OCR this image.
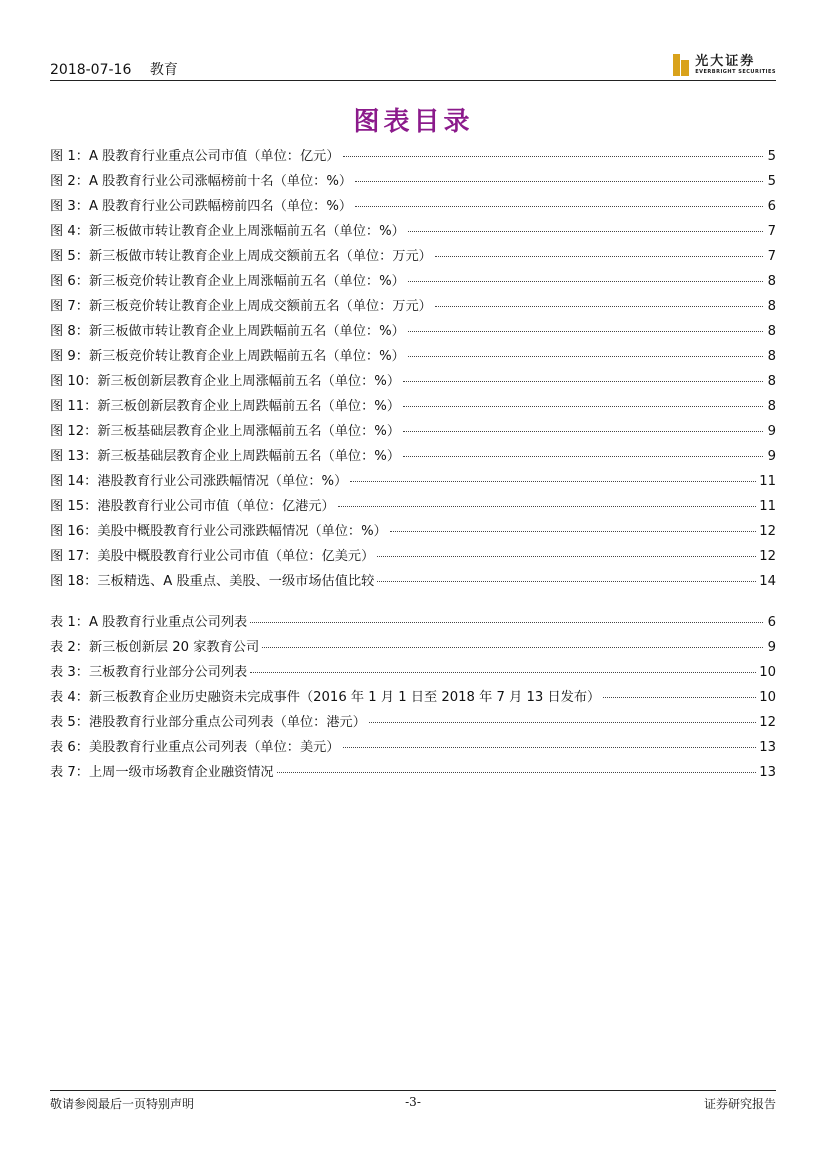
2018-07-16 教育
光大证券
EVERBRIGHT SECURITIES
图表目录
图 1：A 股教育行业重点公司市值（单位：亿元）	5
图 2：A 股教育行业公司涨幅榜前十名（单位：%）	5
图 3：A 股教育行业公司跌幅榜前四名（单位：%）	6
图 4：新三板做市转让教育企业上周涨幅前五名（单位：%）	7
图 5：新三板做市转让教育企业上周成交额前五名（单位：万元）	7
图 6：新三板竞价转让教育企业上周涨幅前五名（单位：%）	8
图 7：新三板竞价转让教育企业上周成交额前五名（单位：万元）	8
图 8：新三板做市转让教育企业上周跌幅前五名（单位：%）	8
图 9：新三板竞价转让教育企业上周跌幅前五名（单位：%）	8
图 10：新三板创新层教育企业上周涨幅前五名（单位：%）	8
图 11：新三板创新层教育企业上周跌幅前五名（单位：%）	8
图 12：新三板基础层教育企业上周涨幅前五名（单位：%）	9
图 13：新三板基础层教育企业上周跌幅前五名（单位：%）	9
图 14：港股教育行业公司涨跌幅情况（单位：%）	11
图 15：港股教育行业公司市值（单位：亿港元）	11
图 16：美股中概股教育行业公司涨跌幅情况（单位：%）	12
图 17：美股中概股教育行业公司市值（单位：亿美元）	12
图 18：三板精选、A 股重点、美股、一级市场估值比较	14
表 1：A 股教育行业重点公司列表	6
表 2：新三板创新层 20 家教育公司	9
表 3：三板教育行业部分公司列表	10
表 4：新三板教育企业历史融资未完成事件（2016 年 1 月 1 日至 2018 年 7 月 13 日发布）	10
表 5：港股教育行业部分重点公司列表（单位：港元）	12
表 6：美股教育行业重点公司列表（单位：美元）	13
表 7：上周一级市场教育企业融资情况	13
敬请参阅最后一页特别声明	-3-	证券研究报告
